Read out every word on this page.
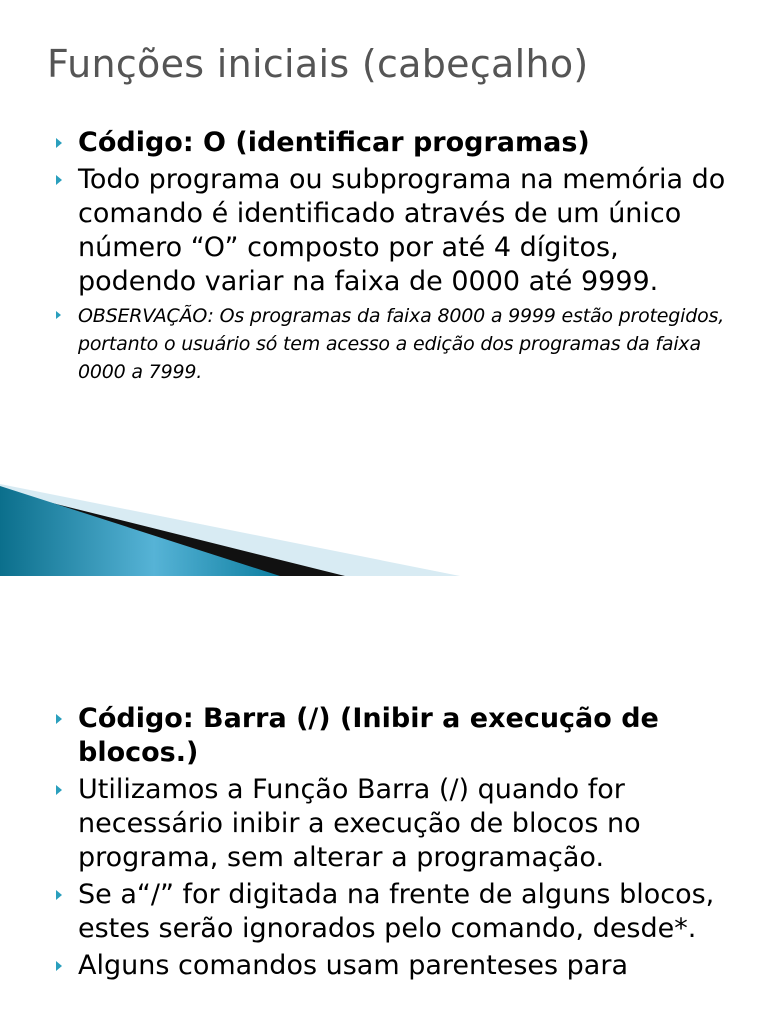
Funções iniciais (cabeçalho)
Código: O (identificar programas)
Todo programa ou subprograma na memória do comando é identificado através de um único número “O” composto por até 4 dígitos, podendo variar na faixa de 0000 até 9999.
OBSERVAÇÃO: Os programas da faixa 8000 a 9999 estão protegidos, portanto o usuário só tem acesso a edição dos programas da faixa 0000 a 7999.
Código: Barra (/) (Inibir a execução de blocos.)
Utilizamos a Função Barra (/) quando for necessário inibir a execução de blocos no programa, sem alterar a programação.
Se a“/” for digitada na frente de alguns blocos, estes serão ignorados pelo comando, desde*.
Alguns comandos usam parenteses para
